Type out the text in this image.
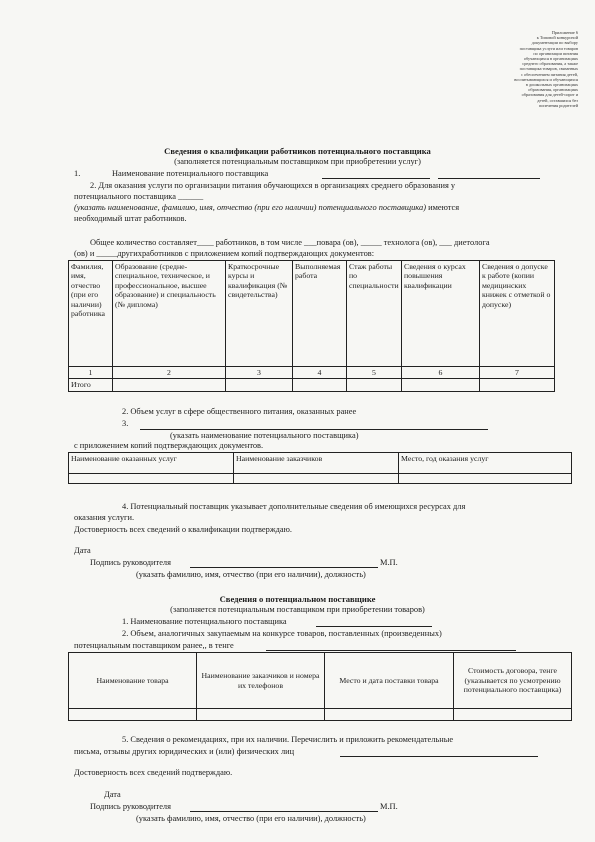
Приложение 6
к Типовой конкурсной
документации по выбору
поставщика услуги или товаров
по организации питания
обучающихся в организациях
среднего образования, а также
поставщика товаров, связанных
с обеспечением питания детей,
воспитывающихся и обучающихся
в дошкольных организациях
образования, организациях
образования для детей-сирот и
детей, оставшихся без
попечения родителей
Сведения о квалификации работников потенциального поставщика
(заполняется потенциальным поставщиком при приобретении услуг)
1.	Наименование потенциального поставщика
2. Для оказания услуги по организации питания обучающихся в организациях среднего образования у
потенциального поставщика ______
(указать наименование, фамилию, имя, отчество (при его наличии) потенциального поставщика) имеются
необходимый штат работников.
Общее количество составляет____ работников, в том числе ___повара (ов), _____ технолога (ов), ___ диетолога
(ов) и _____другихработников с приложением копий подтверждающих документов:
Фамилия, имя, отчество (при его наличии) работника	Образование (средне-специальное, техническое, и профессиональное, высшее образование) и специальность (№ диплома)	Краткосрочные курсы и квалификация (№ свидетельства)	Выполняемая работа	Стаж работы по специальности	Сведения о курсах повышения квалификации	Сведения о допуске к работе (копии медицинских книжек с отметкой о допуске)
1	2	3	4	5	6	7
Итого						
2. Объем услуг в сфере общественного питания, оказанных ранее
3.
(указать наименование потенциального поставщика)
с приложением копий подтверждающих документов.
Наименование оказанных услуг	Наименование заказчиков	Место, год оказания услуг

4. Потенциальный поставщик указывает дополнительные сведения об имеющихся ресурсах для
оказания услуги.
Достоверность всех сведений о квалификации подтверждаю.
Дата
Подпись руководителя	М.П.
(указать фамилию, имя, отчество (при его наличии), должность)
Сведения о потенциальном поставщике
(заполняется потенциальным поставщиком при приобретении товаров)
1. Наименование потенциального поставщика
2. Объем, аналогичных закупаемым на конкурсе товаров, поставленных (произведенных)
потенциальным поставщиком ранее,, в тенге
Наименование товара	Наименование заказчиков и номера их телефонов	Место и дата поставки товара	Стоимость договора, тенге (указывается по усмотрению потенциального поставщика)

5. Сведения о рекомендациях, при их наличии. Перечислить и приложить рекомендательные
письма, отзывы других юридических и (или) физических лиц
Достоверность всех сведений подтверждаю.
Дата
Подпись руководителя	М.П.
(указать фамилию, имя, отчество (при его наличии), должность)
